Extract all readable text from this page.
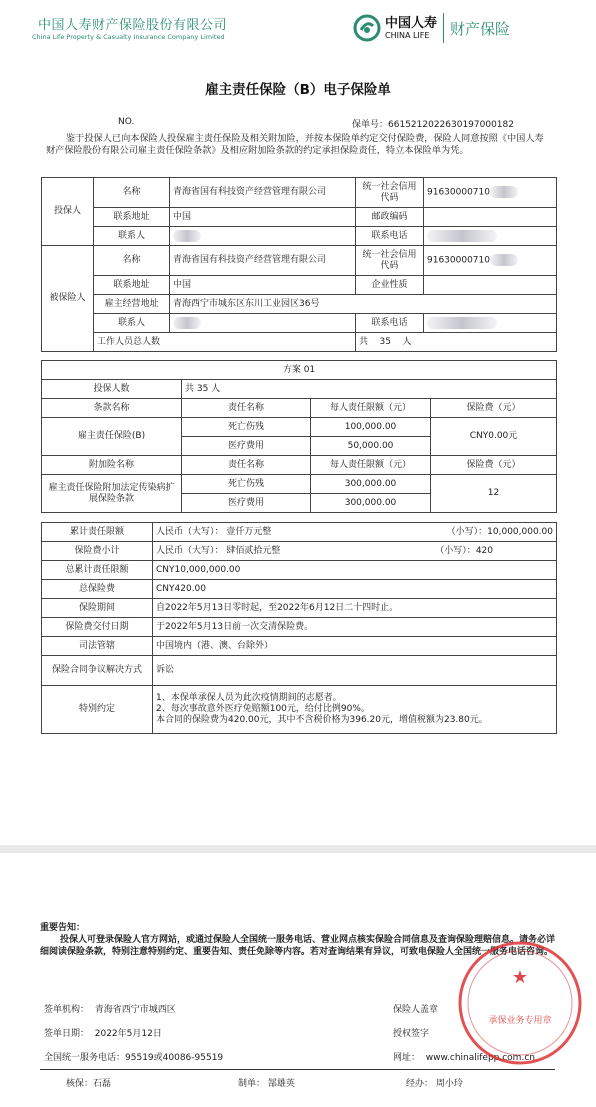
中国人寿财产保险股份有限公司
China Life Property & Casualty Insurance Company Limited
中国人寿
CHINA LIFE	财产保险
雇主责任保险（B）电子保险单
NO.	保单号：6615212022630197000182
鉴于投保人已向本保险人投保雇主责任保险及相关附加险，并按本保险单约定交付保险费，保险人同意按照《中国人寿财产保险股份有限公司雇主责任保险条款》及相应附加险条款的约定承担保险责任，特立本保险单为凭。
投保人	名称	青海省国有科技资产经营管理有限公司	统一社会信用代码	91630000710
	联系地址	中国	邮政编码	
	联系人		联系电话	
被保险人	名称	青海省国有科技资产经营管理有限公司	统一社会信用代码	91630000710
	联系地址	中国	企业性质	
	雇主经营地址	青海西宁市城东区东川工业园区36号		
	联系人		联系电话	
	工作人员总人数		共 35 人	
方案 01			
投保人数	共 35 人		
条款名称	责任名称	每人责任限额（元）	保险费（元）
雇主责任保险(B)	死亡伤残	100,000.00	CNY0.00元
	医疗费用	50,000.00	
附加险名称	责任名称	每人责任限额（元）	保险费（元）
雇主责任保险附加法定传染病扩展保险条款	死亡伤残	300,000.00	12
	医疗费用	300,000.00	
累计责任限额	人民币（大写）： 壹仟万元整 （小写）：10,000,000.00

保险费小计	人民币（大写）： 肆佰贰拾元整 （小写）：420

总累计责任限额	CNY10,000,000.00
总保险费	CNY420.00
保险期间	自2022年5月13日零时起，至2022年6月12日二十四时止。
保险费交付日期	于2022年5月13日前一次交清保险费。
司法管辖	中国境内（港、澳、台除外）
保险合同争议解决方式	诉讼
特别约定	1、本保单承保人员为此次疫情期间的志愿者。
2、每次事故意外医疗免赔额100元，给付比例90%。
本合同的保险费为420.00元，其中不含税价格为396.20元，增值税额为23.80元。
重要告知：
投保人可登录保险人官方网站，或通过保险人全国统一服务电话、营业网点核实保险合同信息及查询保险理赔信息。请务必详细阅读保险条款，特别注意特别约定、重要告知、责任免除等内容。若对查询结果有异议，可致电保险人全国统一服务电话咨询。
签单机构： 青海省西宁市城西区
签单日期： 2022年5月12日
全国统一服务电话：95519或40086-95519
保险人盖章
授权签字
网址： www.chinalifepp.com.cn
★
承保业务专用章
核保：石磊	制单： 郜雄英	经办： 周小玲
